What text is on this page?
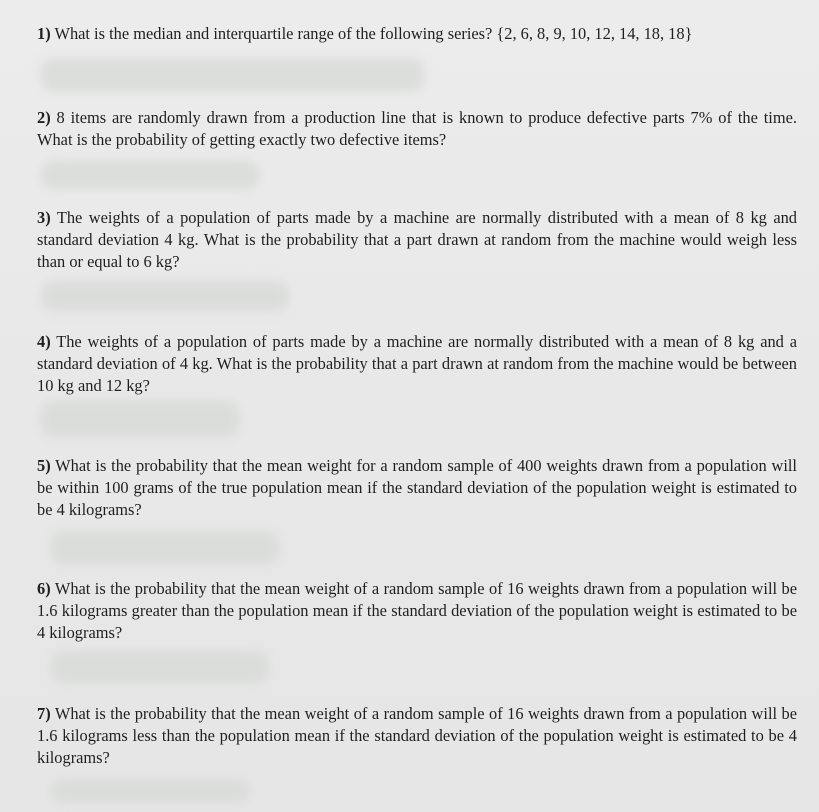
1) What is the median and interquartile range of the following series? {2, 6, 8, 9, 10, 12, 14, 18, 18}
2) 8 items are randomly drawn from a production line that is known to produce defective parts 7% of the time. What is the probability of getting exactly two defective items?
3) The weights of a population of parts made by a machine are normally distributed with a mean of 8 kg and standard deviation 4 kg. What is the probability that a part drawn at random from the machine would weigh less than or equal to 6 kg?
4) The weights of a population of parts made by a machine are normally distributed with a mean of 8 kg and a standard deviation of 4 kg. What is the probability that a part drawn at random from the machine would be between 10 kg and 12 kg?
5) What is the probability that the mean weight for a random sample of 400 weights drawn from a population will be within 100 grams of the true population mean if the standard deviation of the population weight is estimated to be 4 kilograms?
6) What is the probability that the mean weight of a random sample of 16 weights drawn from a population will be 1.6 kilograms greater than the population mean if the standard deviation of the population weight is estimated to be 4 kilograms?
7) What is the probability that the mean weight of a random sample of 16 weights drawn from a population will be 1.6 kilograms less than the population mean if the standard deviation of the population weight is estimated to be 4 kilograms?
